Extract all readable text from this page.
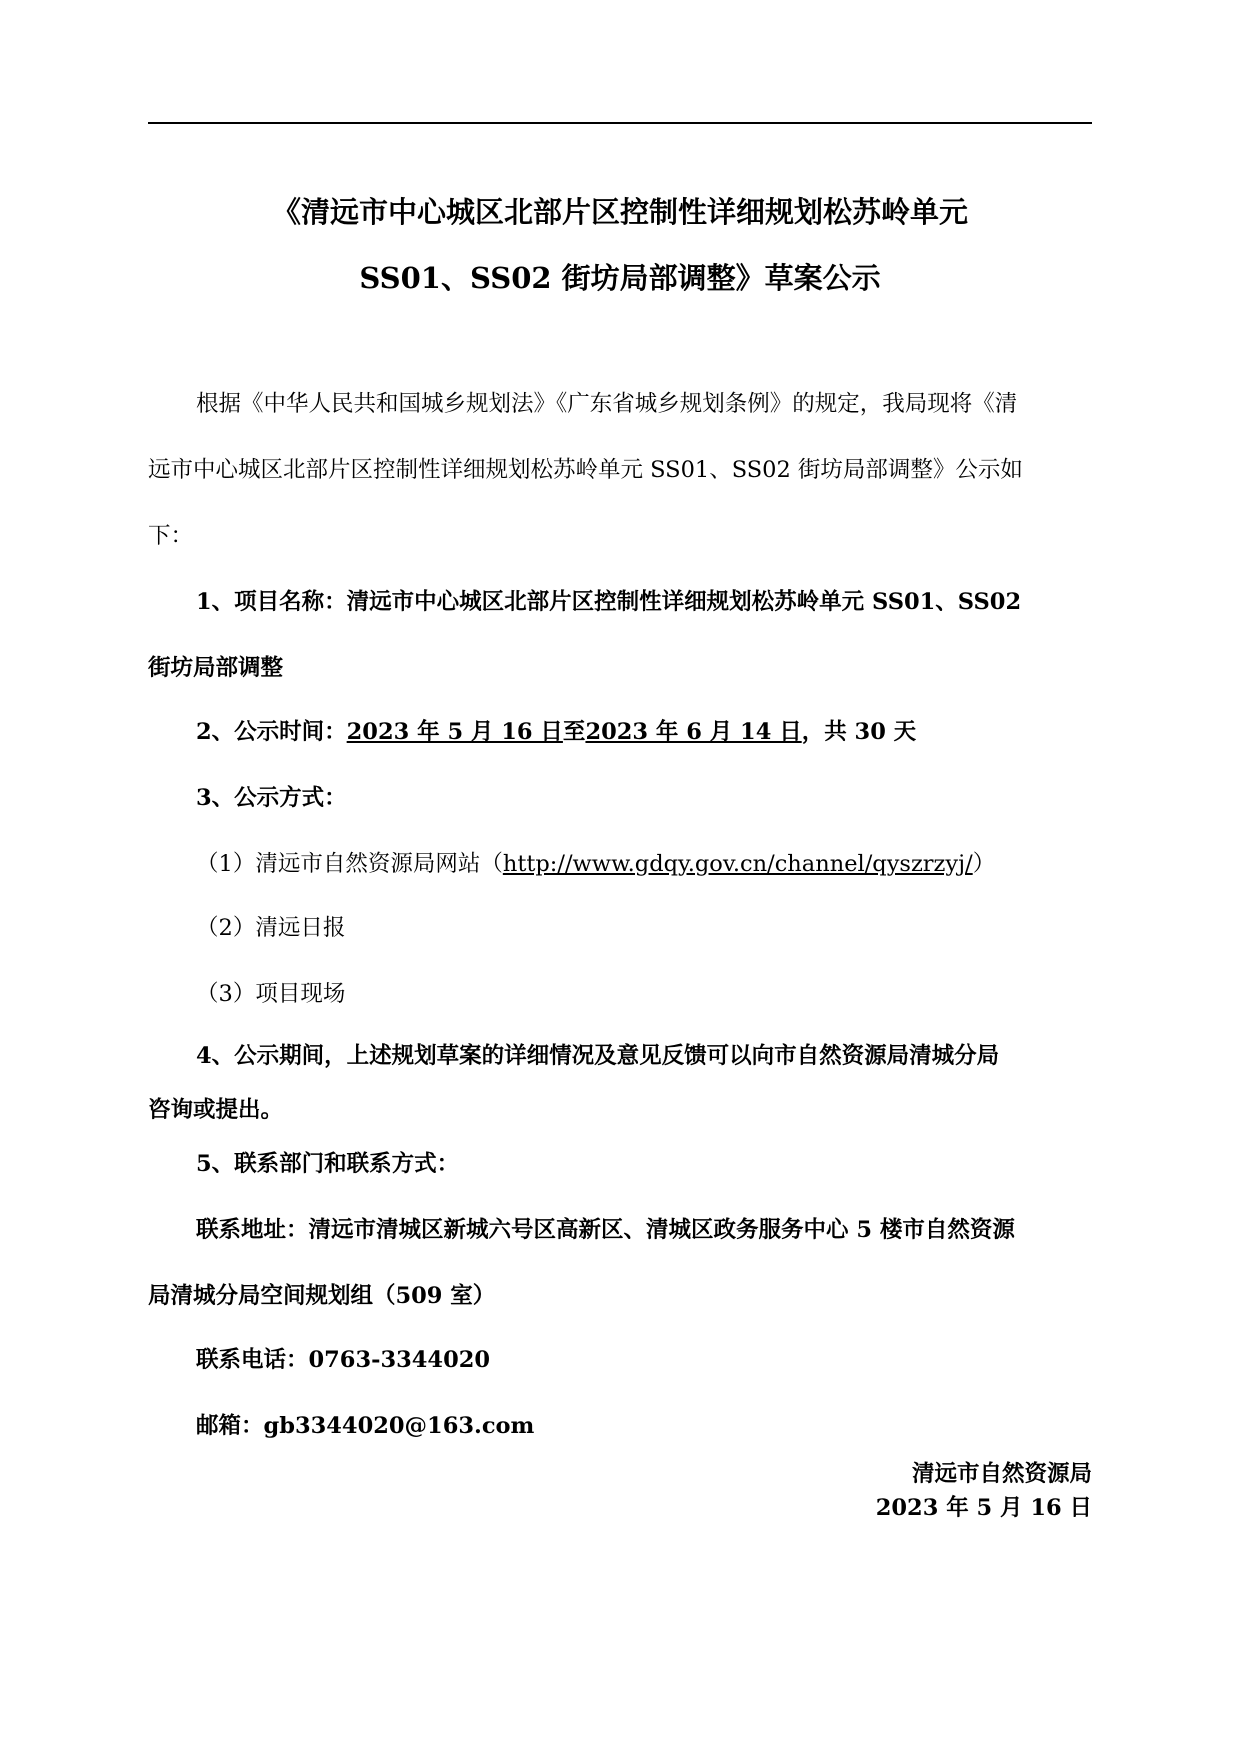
《清远市中心城区北部片区控制性详细规划松苏岭单元
SS01、SS02 街坊局部调整》草案公示

根据《中华人民共和国城乡规划法》《广东省城乡规划条例》的规定，我局现将《清

远市中心城区北部片区控制性详细规划松苏岭单元 SS01、SS02 街坊局部调整》公示如

下：

1、项目名称：清远市中心城区北部片区控制性详细规划松苏岭单元 SS01、SS02

街坊局部调整

2、公示时间：2023 年 5 月 16 日至2023 年 6 月 14 日，共 30 天

3、公示方式：

（1）清远市自然资源局网站（http://www.gdqy.gov.cn/channel/qyszrzyj/）

（2）清远日报

（3）项目现场

4、公示期间，上述规划草案的详细情况及意见反馈可以向市自然资源局清城分局

咨询或提出。

5、联系部门和联系方式：

联系地址：清远市清城区新城六号区高新区、清城区政务服务中心 5 楼市自然资源

局清城分局空间规划组（509 室）

联系电话：0763-3344020

邮箱：gb3344020@163.com

清远市自然资源局

2023 年 5 月 16 日
